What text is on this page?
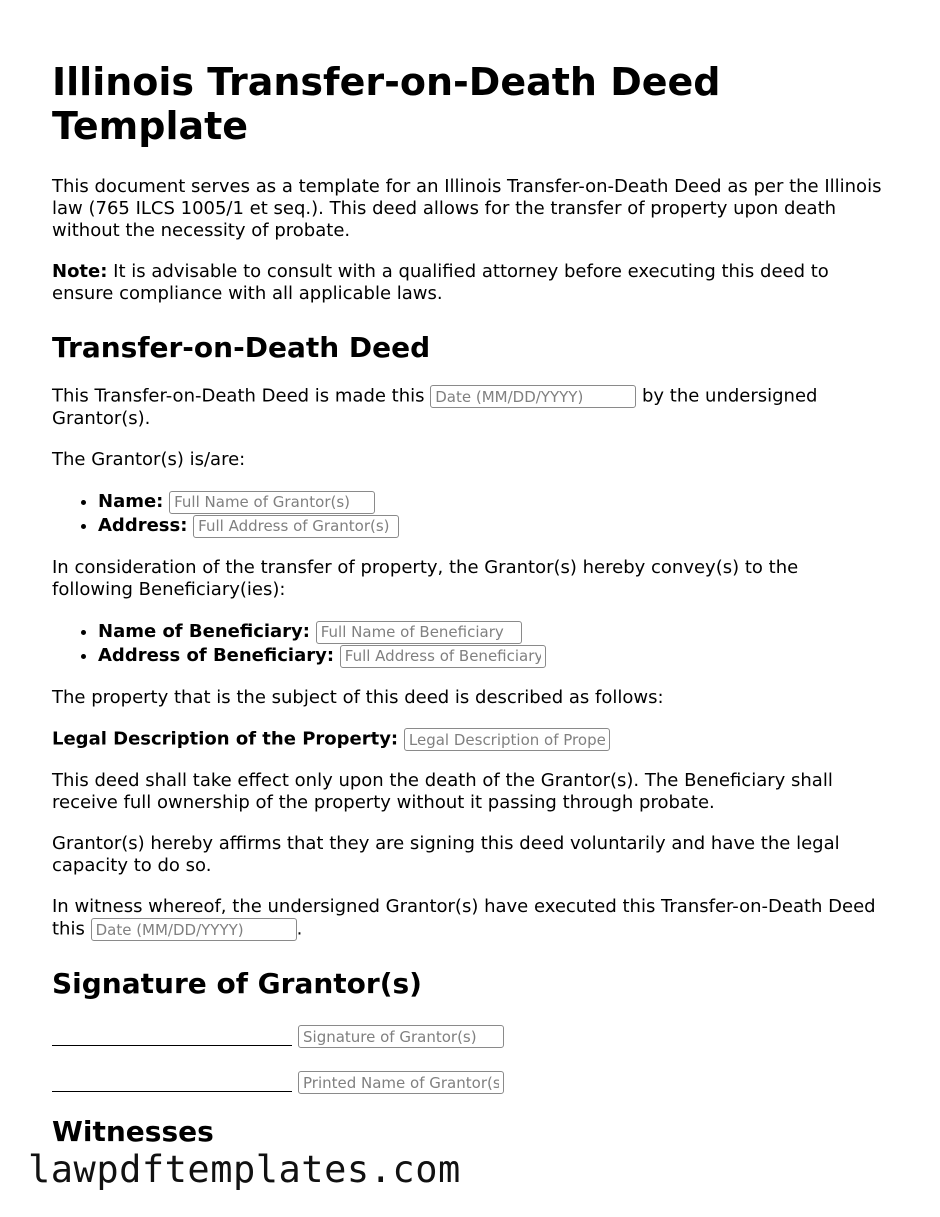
Illinois Transfer-on-Death Deed Template

This document serves as a template for an Illinois Transfer-on-Death Deed as per the Illinois law (765 ILCS 1005/1 et seq.). This deed allows for the transfer of property upon death without the necessity of probate.

Note: It is advisable to consult with a qualified attorney before executing this deed to ensure compliance with all applicable laws.

Transfer-on-Death Deed

This Transfer-on-Death Deed is made this Date (MM/DD/YYYY)	by the undersigned Grantor(s).

The Grantor(s) is/are:

• Name: Full Name of Grantor(s)
• Address: Full Address of Grantor(s)

In consideration of the transfer of property, the Grantor(s) hereby convey(s) to the following Beneficiary(ies):

• Name of Beneficiary: Full Name of Beneficiary
• Address of Beneficiary: Full Address of Beneficiary

The property that is the subject of this deed is described as follows:

Legal Description of the Property: Legal Description of Property

This deed shall take effect only upon the death of the Grantor(s). The Beneficiary shall receive full ownership of the property without it passing through probate.

Grantor(s) hereby affirms that they are signing this deed voluntarily and have the legal capacity to do so.

In witness whereof, the undersigned Grantor(s) have executed this Transfer-on-Death Deed this Date (MM/DD/YYYY)	.

Signature of Grantor(s)
Signature of Grantor(s)
Printed Name of Grantor(s)
Witnesses
lawpdftemplates.com
